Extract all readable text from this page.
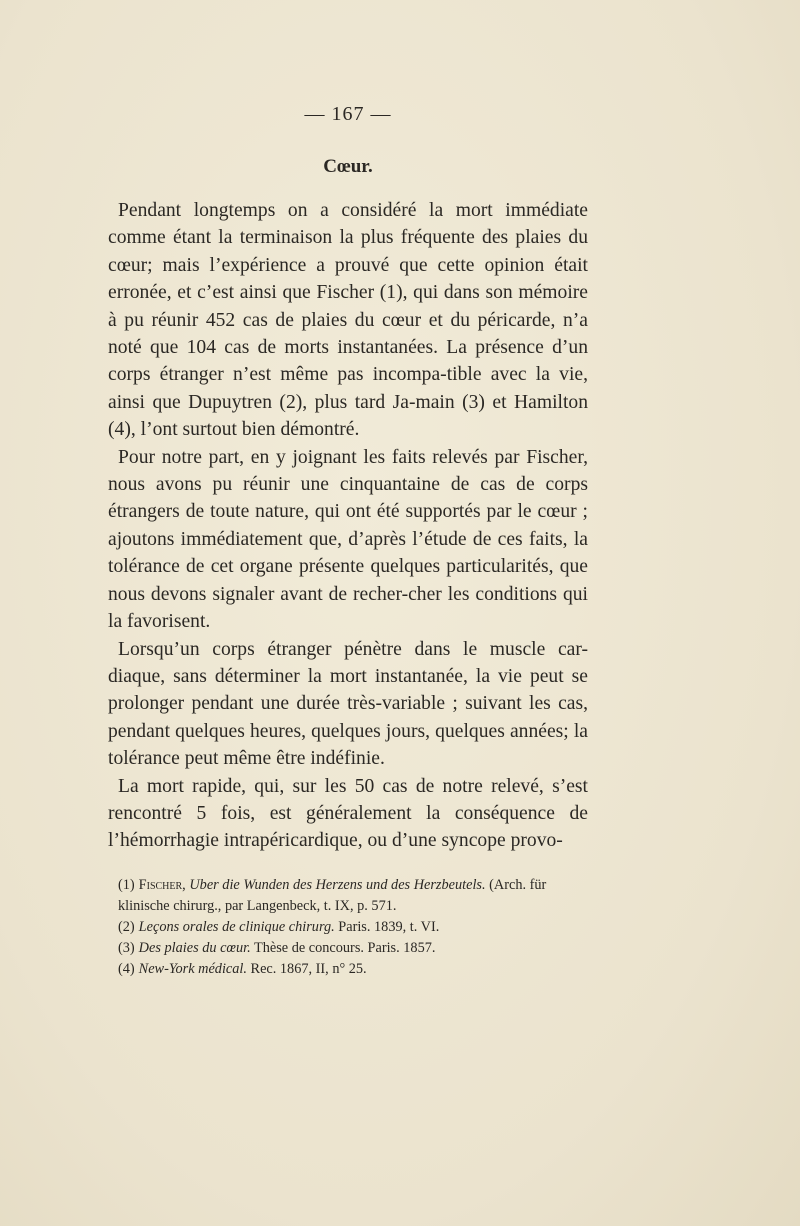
— 167 —
Cœur.

Pendant longtemps on a considéré la mort immédiate comme étant la terminaison la plus fréquente des plaies du cœur; mais l’expérience a prouvé que cette opinion était erronée, et c’est ainsi que Fischer (1), qui dans son mémoire à pu réunir 452 cas de plaies du cœur et du péricarde, n’a noté que 104 cas de morts instantanées. La présence d’un corps étranger n’est même pas incompa-tible avec la vie, ainsi que Dupuytren (2), plus tard Ja-main (3) et Hamilton (4), l’ont surtout bien démontré.

Pour notre part, en y joignant les faits relevés par Fischer, nous avons pu réunir une cinquantaine de cas de corps étrangers de toute nature, qui ont été supportés par le cœur ; ajoutons immédiatement que, d’après l’étude de ces faits, la tolérance de cet organe présente quelques particularités, que nous devons signaler avant de recher-cher les conditions qui la favorisent.

Lorsqu’un corps étranger pénètre dans le muscle car-diaque, sans déterminer la mort instantanée, la vie peut se prolonger pendant une durée très-variable ; suivant les cas, pendant quelques heures, quelques jours, quelques années; la tolérance peut même être indéfinie.

La mort rapide, qui, sur les 50 cas de notre relevé, s’est rencontré 5 fois, est généralement la conséquence de l’hémorrhagie intrapéricardique, ou d’une syncope provo-

(1) Fischer, Uber die Wunden des Herzens und des Herzbeutels. (Arch. für klinische chirurg., par Langenbeck, t. IX, p. 571.

(2) Leçons orales de clinique chirurg. Paris. 1839, t. VI.

(3) Des plaies du cœur. Thèse de concours. Paris. 1857.

(4) New-York médical. Rec. 1867, II, n° 25.
